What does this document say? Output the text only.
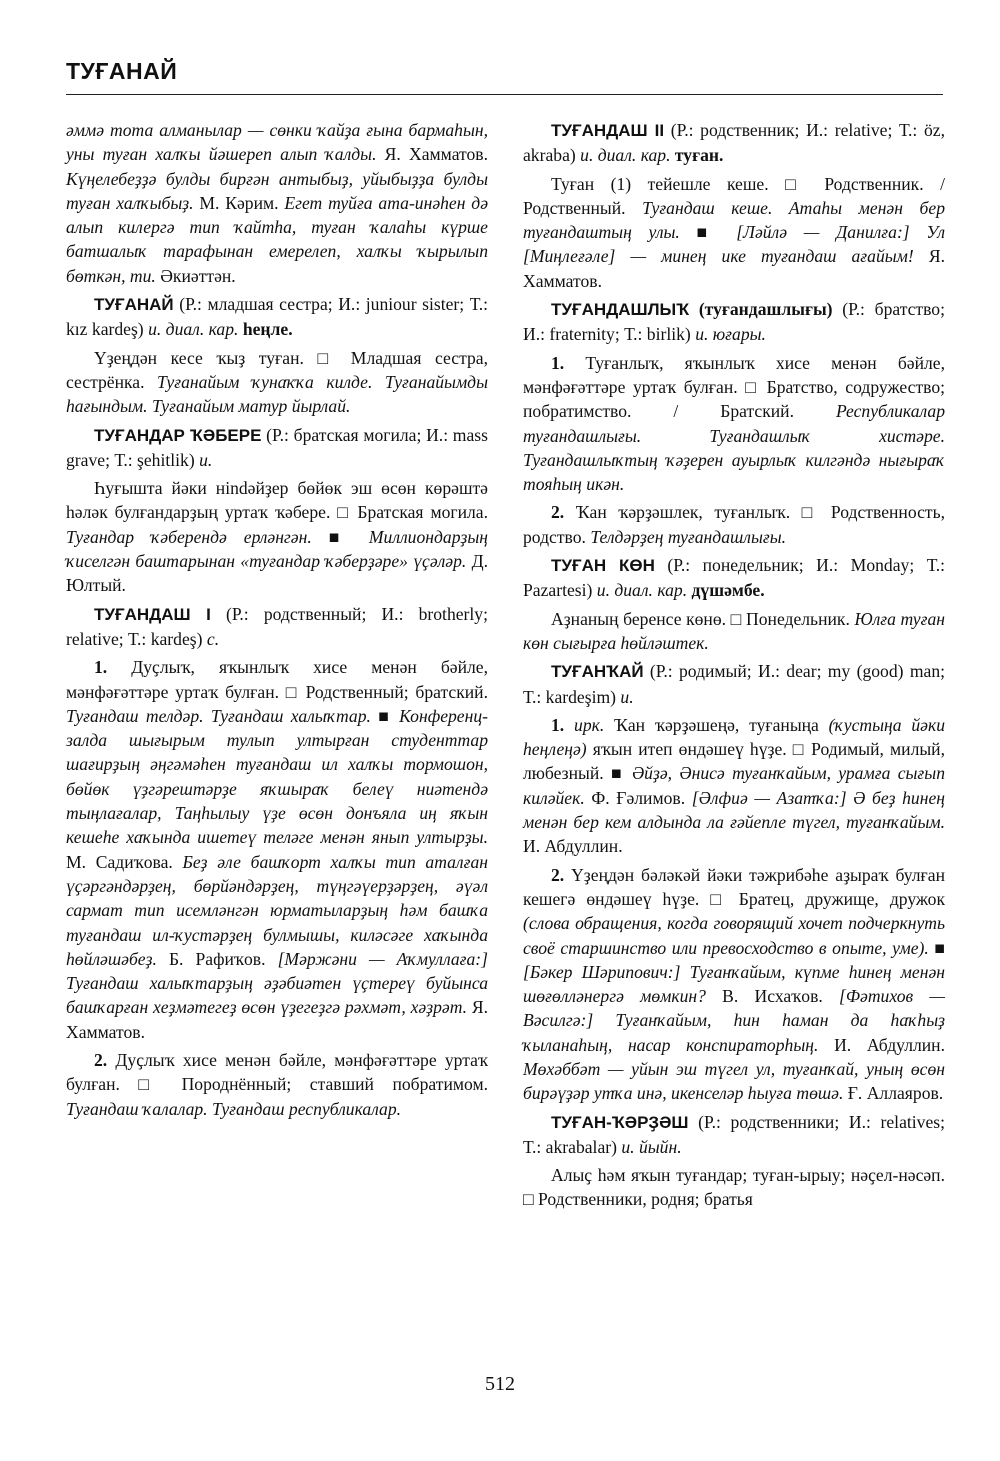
ТУҒАНАЙ

әммә тота алманылар — сөнки ҡайҙа ғына бармаһын, уны туған халҡы йәшереп алып ҡалды. Я. Хамматов. Күңелебеҙҙә булды бирғән антыбыҙ, уйыбыҙҙа булды туған халҡыбыҙ. М. Кәрим. Егет туйға ата-инәһен дә алып килергә тип ҡайтһа, туған ҡалаһы күрше батшалыҡ тарафынан емерелеп, халҡы ҡырылып бөткән, ти. Әкиәттән.

ТУҒАНАЙ (Р.: младшая сестра; И.: juniour sister; Т.: kız kardeş) и. диал. кар. һеңле.

Үҙеңдән кесе ҡыҙ туған. □ Младшая сестра, сестрёнка. Туғанайым ҡунаҡҡа килде. Туғанайымды һағындым. Туғанайым матур йырлай.

ТУҒАНДАР ҠӘБЕРЕ (Р.: братская могила; И.: mass grave; Т.: şehitlik) и.

Һуғышта йәки нindәйҙер бөйөк эш өсөн көрәштә һәләк булғандарҙың уртаҡ ҡәбере. □ Братская могила. Туғандар ҡәберендә ерләнгән. ■ Миллиондарҙың ҡиселгән баштарынан «туғандар ҡәберҙәре» үҫәләр. Д. Юлтый.

ТУҒАНДАШ I (Р.: родственный; И.: brotherly; relative; Т.: kardeş) с.

1. Дуҫлыҡ, яҡынлыҡ хисе менән бәйле, мәнфәғәттәре уртаҡ булған. □ Родственный; братский. Туғандаш телдәр. Туғандаш халыҡтар. ■ Конференц-залда шығырым тулып ултырған студенттар шағирҙың әңгәмәһен туғандаш ил халҡы тормошон, бөйөк үҙгәрештәрҙе яҡшыраҡ белеү ниәтендә тыңлағалар, Таңһылыу үҙе өсөн донъяла иң яҡын кешеһе хаҡында ишетеү теләге менән янып ултырҙы. М. Садиҡова. Беҙ әле башҡорт халҡы тип аталған үҫәргәндәрҙең, бөрйәндәрҙең, түңгәүерҙәрҙең, әүәл сармат тип исемләнгән юрматыларҙың һәм башҡа туғандаш ил-ҡустәрҙең булмышы, киләсәге хаҡында һөйләшәбеҙ. Б. Рафиҡов. [Мәржәни — Аҡмуллаға:] Туғандаш халыҡтарҙың әҙәбиәтен үҫтереү буйынса башҡарған хеҙмәтегеҙ өсөн үҙегеҙгә рәхмәт, хәҙрәт. Я. Хамматов.

2. Дуҫлыҡ хисе менән бәйле, мәнфәғәттәре уртаҡ булған. □ Породнённый; ставший побратимом. Туғандаш ҡалалар. Туғандаш республикалар.

ТУҒАНДАШ II (Р.: родственник; И.: relative; Т.: öz, akraba) и. диал. кар. туған.

Туған (1) тейешле кеше. □ Родственник. / Родственный. Туғандаш кеше. Атаһы менән бер туғандаштың улы. ■ [Ләйлә — Данилға:] Ул [Миңлеғәле] — минең ике туғандаш ағайым! Я. Хамматов.

ТУҒАНДАШЛЫҠ (туғандашлығы) (Р.: братство; И.: fraternity; Т.: birlik) и. юғары.

1. Туғанлыҡ, яҡынлыҡ хисе менән бәйле, мәнфәғәттәре уртаҡ булған. □ Братство, содружество; побратимство. / Братский. Республикалар туғандашлығы. Туғандашлыҡ хистәре. Туғандашлыҡтың ҡәҙерен ауырлыҡ килгәндә нығыраҡ тояһың икән.

2. Ҡан ҡәрҙәшлек, туғанлыҡ. □ Родственность, родство. Телдәрҙең туғандашлығы.

ТУҒАН КӨН (Р.: понедельник; И.: Monday; Т.: Pazartesi) и. диал. кар. дүшәмбе.

Аҙнаның беренсе көнө. □ Понедельник. Юлға туған көн сығырға һөйләштек.

ТУҒАНҠАЙ (Р.: родимый; И.: dear; my (good) man; Т.: kardeşim) и.

1. ирк. Ҡан ҡәрҙәшеңә, туғаныңа (ҡустыңа йәки һеңлеңә) яҡын итеп өндәшеү һүҙе. □ Родимый, милый, любезный. ■ Әйҙә, Әнисә туғанҡайым, урамға сығып киләйек. Ф. Ғәлимов. [Әлфиә — Азатҡа:] Ә беҙ һинең менән бер кем алдында ла ғәйепле түгел, туғанҡайым. И. Абдуллин.

2. Үҙеңдән бәләкәй йәки тәжрибәһе аҙыраҡ булған кешегә өндәшеү һүҙе. □ Братец, дружище, дружок (слова обращения, когда говорящий хочет подчеркнуть своё старшинство или превосходство в опыте, уме). ■ [Бәкер Шәрипович:] Туғанҡайым, күпме һинең менән шөғөлләнергә мөмкин? В. Исхаҡов. [Фәтихов — Вәсилгә:] Туғанҡайым, һин һаман да һаҡһыҙ ҡыланаһың, насар конспираторһың. И. Абдуллин. Мөхәббәт — уйын эш түгел ул, туғанҡай, уның өсөн бирәүҙәр утҡа инә, икенселәр һыуға төшә. Ғ. Аллаяров.

ТУҒАН-ҠӘРҘӘШ (Р.: родственники; И.: relatives; Т.: akrabalar) и. йыйн.

Алыҫ һәм яҡын туғандар; туған-ырыу; нәҫел-нәсәп. □ Родственники, родня; братья

512
